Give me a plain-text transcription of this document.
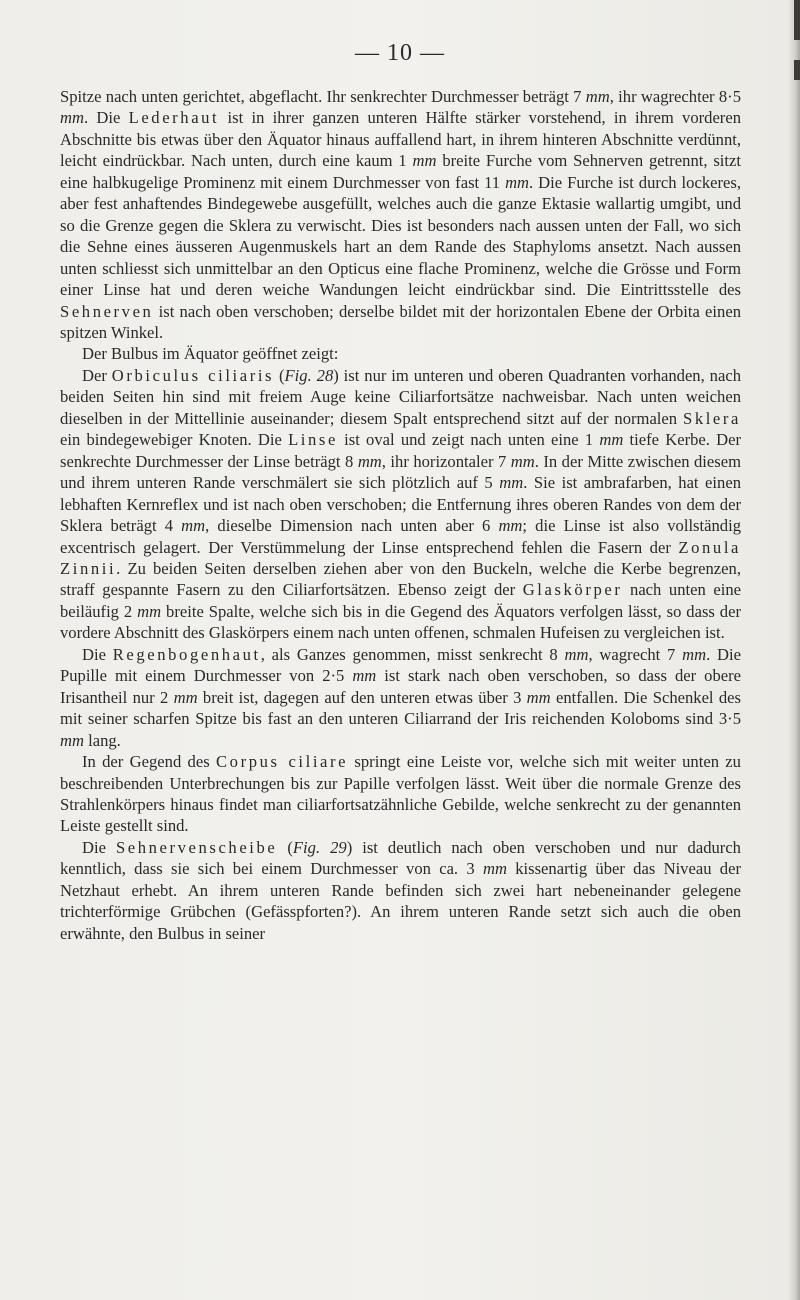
— 10 —

Spitze nach unten gerichtet, abgeflacht. Ihr senkrechter Durchmesser beträgt 7 mm, ihr wagrechter 8·5 mm. Die Lederhaut ist in ihrer ganzen unteren Hälfte stärker vorstehend, in ihrem vorderen Abschnitte bis etwas über den Äquator hinaus auffallend hart, in ihrem hinteren Abschnitte verdünnt, leicht eindrückbar. Nach unten, durch eine kaum 1 mm breite Furche vom Sehnerven getrennt, sitzt eine halbkugelige Prominenz mit einem Durchmesser von fast 11 mm. Die Furche ist durch lockeres, aber fest anhaftendes Bindegewebe ausgefüllt, welches auch die ganze Ektasie wallartig umgibt, und so die Grenze gegen die Sklera zu verwischt. Dies ist besonders nach aussen unten der Fall, wo sich die Sehne eines äusseren Augenmuskels hart an dem Rande des Staphyloms ansetzt. Nach aussen unten schliesst sich unmittelbar an den Opticus eine flache Prominenz, welche die Grösse und Form einer Linse hat und deren weiche Wandungen leicht eindrückbar sind. Die Eintrittsstelle des Sehnerven ist nach oben verschoben; derselbe bildet mit der horizontalen Ebene der Orbita einen spitzen Winkel.

Der Bulbus im Äquator geöffnet zeigt:

Der Orbiculus ciliaris (Fig. 28) ist nur im unteren und oberen Quadranten vorhanden, nach beiden Seiten hin sind mit freiem Auge keine Ciliarfortsätze nachweisbar. Nach unten weichen dieselben in der Mittellinie auseinander; diesem Spalt entsprechend sitzt auf der normalen Sklera ein bindegewebiger Knoten. Die Linse ist oval und zeigt nach unten eine 1 mm tiefe Kerbe. Der senkrechte Durchmesser der Linse beträgt 8 mm, ihr horizontaler 7 mm. In der Mitte zwischen diesem und ihrem unteren Rande verschmälert sie sich plötzlich auf 5 mm. Sie ist ambrafarben, hat einen lebhaften Kernreflex und ist nach oben verschoben; die Entfernung ihres oberen Randes von dem der Sklera beträgt 4 mm, dieselbe Dimension nach unten aber 6 mm; die Linse ist also vollständig excentrisch gelagert. Der Verstümmelung der Linse entsprechend fehlen die Fasern der Zonula Zinnii. Zu beiden Seiten derselben ziehen aber von den Buckeln, welche die Kerbe begrenzen, straff gespannte Fasern zu den Ciliarfortsätzen. Ebenso zeigt der Glaskörper nach unten eine beiläufig 2 mm breite Spalte, welche sich bis in die Gegend des Äquators verfolgen lässt, so dass der vordere Abschnitt des Glaskörpers einem nach unten offenen, schmalen Hufeisen zu vergleichen ist.

Die Regenbogenhaut, als Ganzes genommen, misst senkrecht 8 mm, wagrecht 7 mm. Die Pupille mit einem Durchmesser von 2·5 mm ist stark nach oben verschoben, so dass der obere Irisantheil nur 2 mm breit ist, dagegen auf den unteren etwas über 3 mm entfallen. Die Schenkel des mit seiner scharfen Spitze bis fast an den unteren Ciliarrand der Iris reichenden Koloboms sind 3·5 mm lang.

In der Gegend des Corpus ciliare springt eine Leiste vor, welche sich mit weiter unten zu beschreibenden Unterbrechungen bis zur Papille verfolgen lässt. Weit über die normale Grenze des Strahlenkörpers hinaus findet man ciliarfortsatzähnliche Gebilde, welche senkrecht zu der genannten Leiste gestellt sind.

Die Sehnervenscheibe (Fig. 29) ist deutlich nach oben verschoben und nur dadurch kenntlich, dass sie sich bei einem Durchmesser von ca. 3 mm kissenartig über das Niveau der Netzhaut erhebt. An ihrem unteren Rande befinden sich zwei hart nebeneinander gelegene trichterförmige Grübchen (Gefässpforten?). An ihrem unteren Rande setzt sich auch die oben erwähnte, den Bulbus in seiner
